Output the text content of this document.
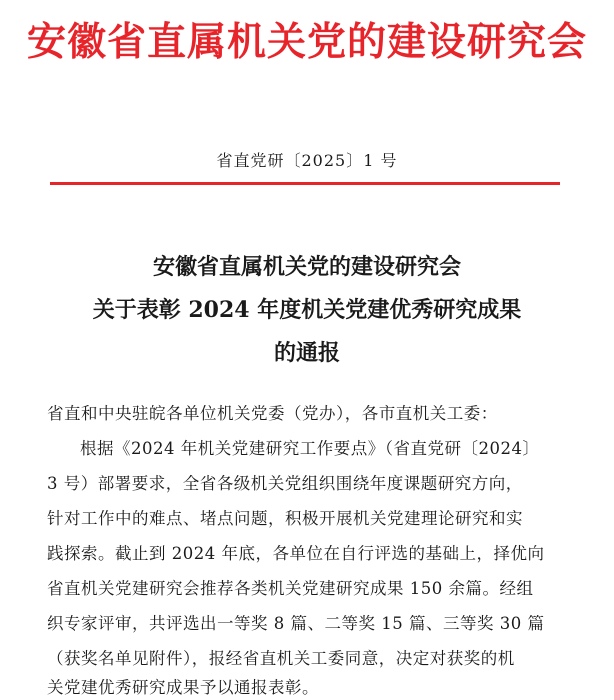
安徽省直属机关党的建设研究会
省直党研〔2025〕1 号
安徽省直属机关党的建设研究会
关于表彰 2024 年度机关党建优秀研究成果
的通报
省直和中央驻皖各单位机关党委（党办），各市直机关工委：
根据《2024 年机关党建研究工作要点》（省直党研〔2024〕
3 号）部署要求，全省各级机关党组织围绕年度课题研究方向，
针对工作中的难点、堵点问题，积极开展机关党建理论研究和实
践探索。截止到 2024 年底，各单位在自行评选的基础上，择优向
省直机关党建研究会推荐各类机关党建研究成果 150 余篇。经组
织专家评审，共评选出一等奖 8 篇、二等奖 15 篇、三等奖 30 篇
（获奖名单见附件），报经省直机关工委同意，决定对获奖的机
关党建优秀研究成果予以通报表彰。
